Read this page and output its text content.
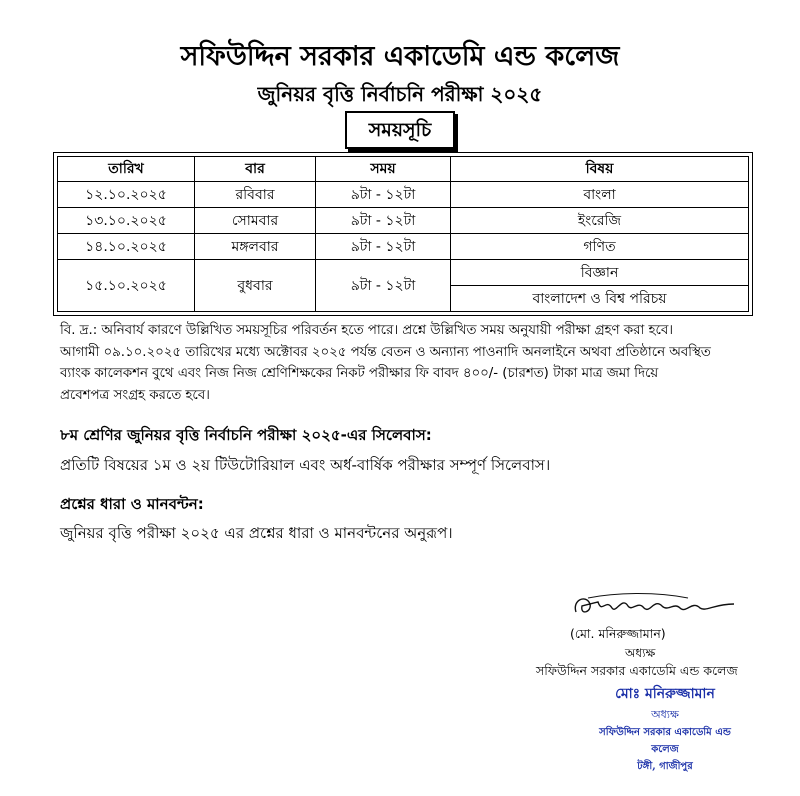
সফিউদ্দিন সরকার একাডেমি এন্ড কলেজ
জুনিয়র বৃত্তি নির্বাচনি পরীক্ষা ২০২৫
সময়সূচি
তারিখ	বার	সময়	বিষয়
১২.১০.২০২৫	রবিবার	৯টা - ১২টা	বাংলা
১৩.১০.২০২৫	সোমবার	৯টা - ১২টা	ইংরেজি
১৪.১০.২০২৫	মঙ্গলবার	৯টা - ১২টা	গণিত
১৫.১০.২০২৫	বুধবার	৯টা - ১২টা	বিজ্ঞান
			বাংলাদেশ ও বিশ্ব পরিচয়
বি. দ্র.: অনিবার্য কারণে উল্লিখিত সময়সূচির পরিবর্তন হতে পারে। প্রশ্নে উল্লিখিত সময় অনুযায়ী পরীক্ষা গ্রহণ করা হবে।
আগামী ০৯.১০.২০২৫ তারিখের মধ্যে অক্টোবর ২০২৫ পর্যন্ত বেতন ও অন্যান্য পাওনাদি অনলাইনে অথবা প্রতিষ্ঠানে অবস্থিত
ব্যাংক কালেকশন বুথে এবং নিজ নিজ শ্রেণিশিক্ষকের নিকট পরীক্ষার ফি বাবদ ৪০০/- (চারশত) টাকা মাত্র জমা দিয়ে
প্রবেশপত্র সংগ্রহ করতে হবে।
৮ম শ্রেণির জুনিয়র বৃত্তি নির্বাচনি পরীক্ষা ২০২৫-এর সিলেবাস:
প্রতিটি বিষয়ের ১ম ও ২য় টিউটোরিয়াল এবং অর্ধ-বার্ষিক পরীক্ষার সম্পূর্ণ সিলেবাস।
প্রশ্নের ধারা ও মানবন্টন:
জুনিয়র বৃত্তি পরীক্ষা ২০২৫ এর প্রশ্নের ধারা ও মানবন্টনের অনুরূপ।
(মো. মনিরুজ্জামান)
অধ্যক্ষ
সফিউদ্দিন সরকার একাডেমি এন্ড কলেজ
মোঃ মনিরুজ্জামান
অধ্যক্ষ
সফিউদ্দিন সরকার একাডেমি এন্ড কলেজ
টঙ্গী, গাজীপুর
